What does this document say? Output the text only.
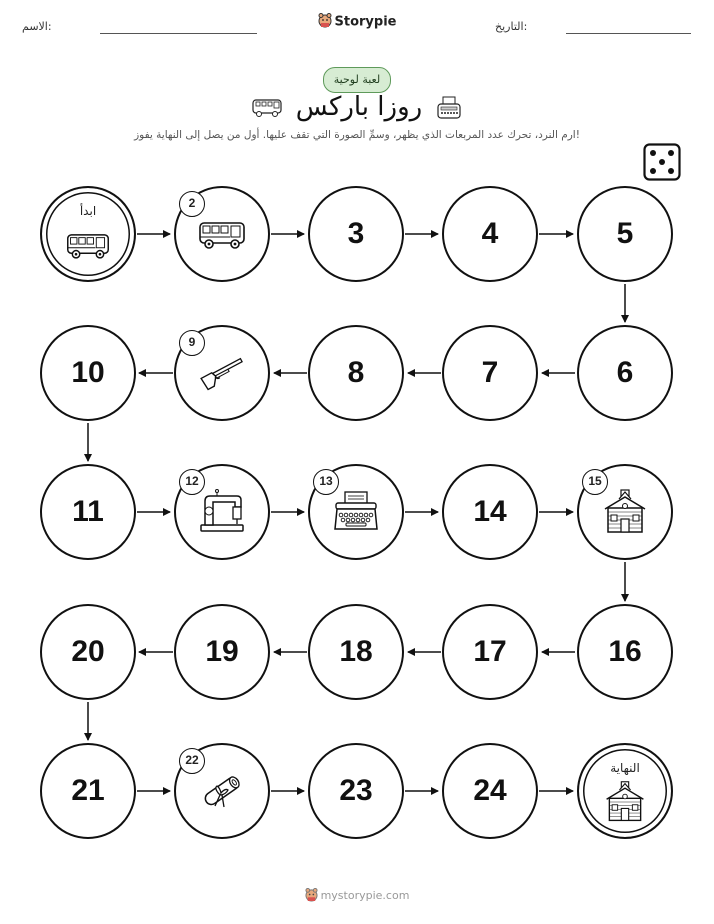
الاسم:	التاريخ:
Storypie
لعبة لوحية
روزا باركس
ارم النرد، تحرك عدد المربعات الذي يظهر، وسمِّ الصورة التي تقف عليها. أول من يصل إلى النهاية يفوز!
ابدأ
2
3	4	5
6
7
8
9
10
11
12	13
14
15
16
17
18
19
20
21
22
23	24
النهاية
mystorypie.com
